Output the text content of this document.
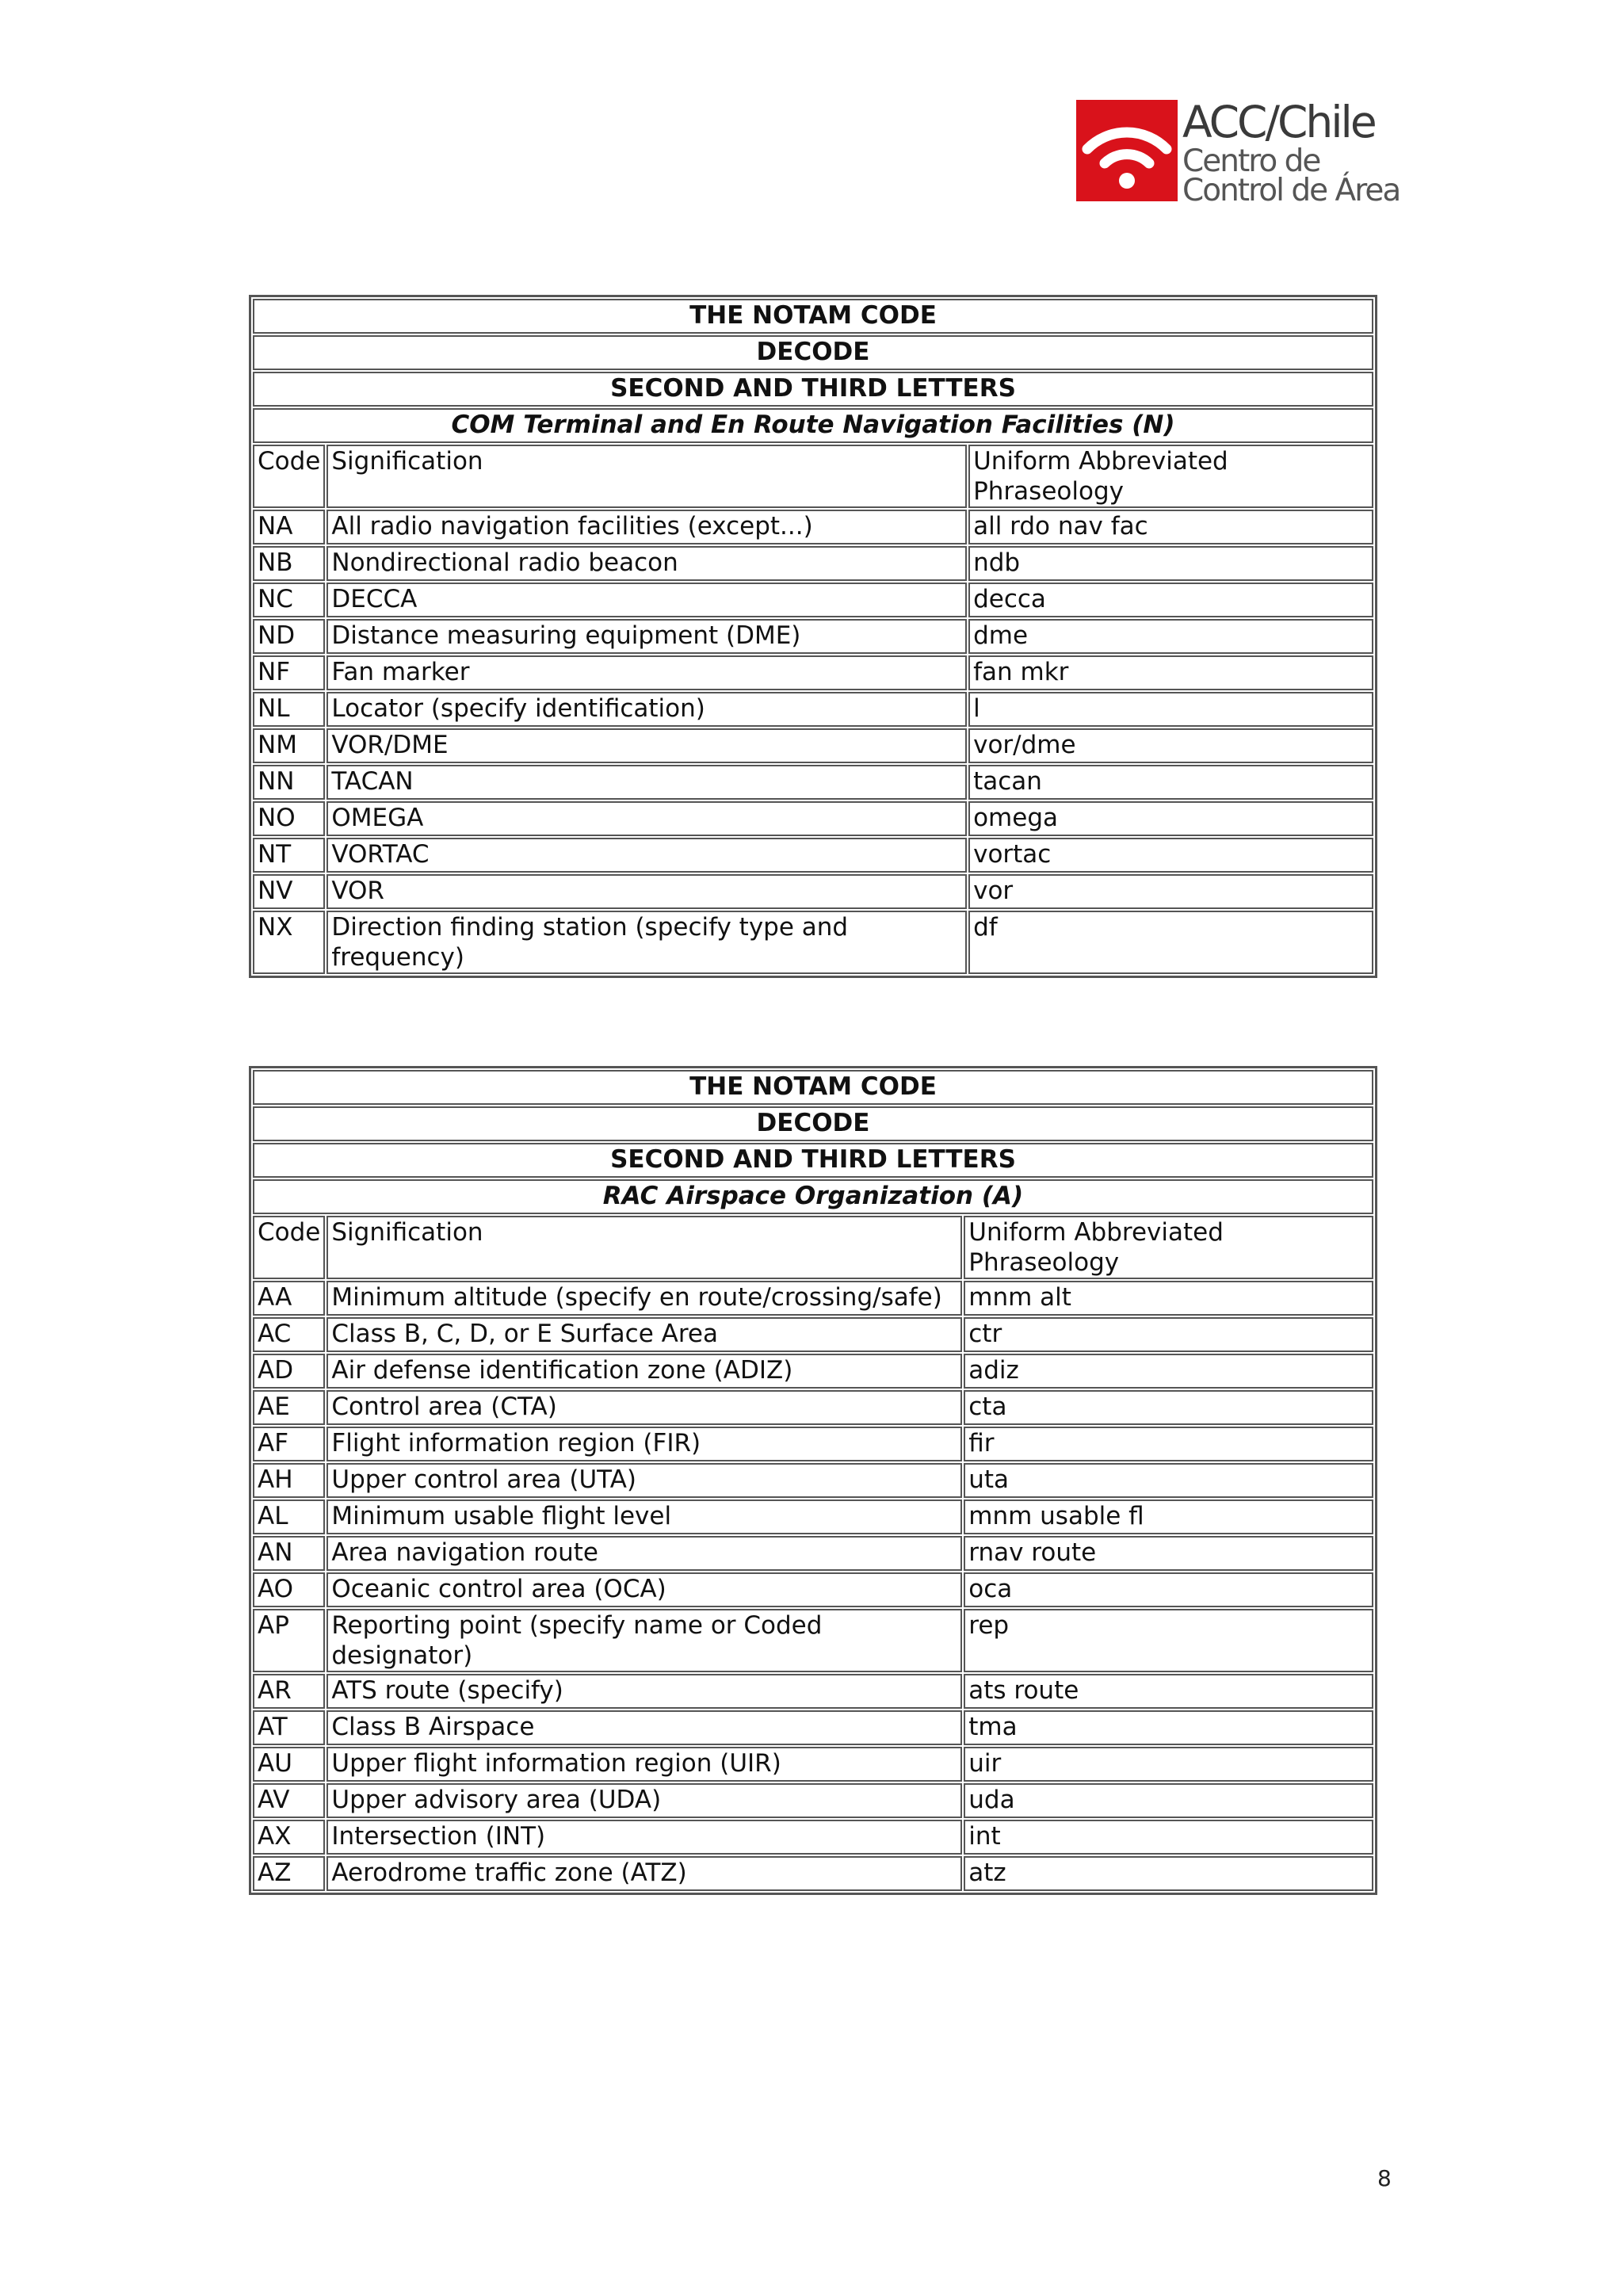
ACC/Chile
Centro de
Control de Área
THE NOTAM CODE		
DECODE		
SECOND AND THIRD LETTERS		
COM Terminal and En Route Navigation Facilities (N)		
Code	Signification	Uniform Abbreviated Phraseology
NA	All radio navigation facilities (except...)	all rdo nav fac
NB	Nondirectional radio beacon	ndb
NC	DECCA	decca
ND	Distance measuring equipment (DME)	dme
NF	Fan marker	fan mkr
NL	Locator (specify identification)	l
NM	VOR/DME	vor/dme
NN	TACAN	tacan
NO	OMEGA	omega
NT	VORTAC	vortac
NV	VOR	vor
NX	Direction finding station (specify type and frequency)	df
THE NOTAM CODE		
DECODE		
SECOND AND THIRD LETTERS		
RAC Airspace Organization (A)		
Code	Signification	Uniform Abbreviated Phraseology
AA	Minimum altitude (specify en route/crossing/safe)	mnm alt
AC	Class B, C, D, or E Surface Area	ctr
AD	Air defense identification zone (ADIZ)	adiz
AE	Control area (CTA)	cta
AF	Flight information region (FIR)	fir
AH	Upper control area (UTA)	uta
AL	Minimum usable flight level	mnm usable fl
AN	Area navigation route	rnav route
AO	Oceanic control area (OCA)	oca
AP	Reporting point (specify name or Coded designator)	rep
AR	ATS route (specify)	ats route
AT	Class B Airspace	tma
AU	Upper flight information region (UIR)	uir
AV	Upper advisory area (UDA)	uda
AX	Intersection (INT)	int
AZ	Aerodrome traffic zone (ATZ)	atz
8
